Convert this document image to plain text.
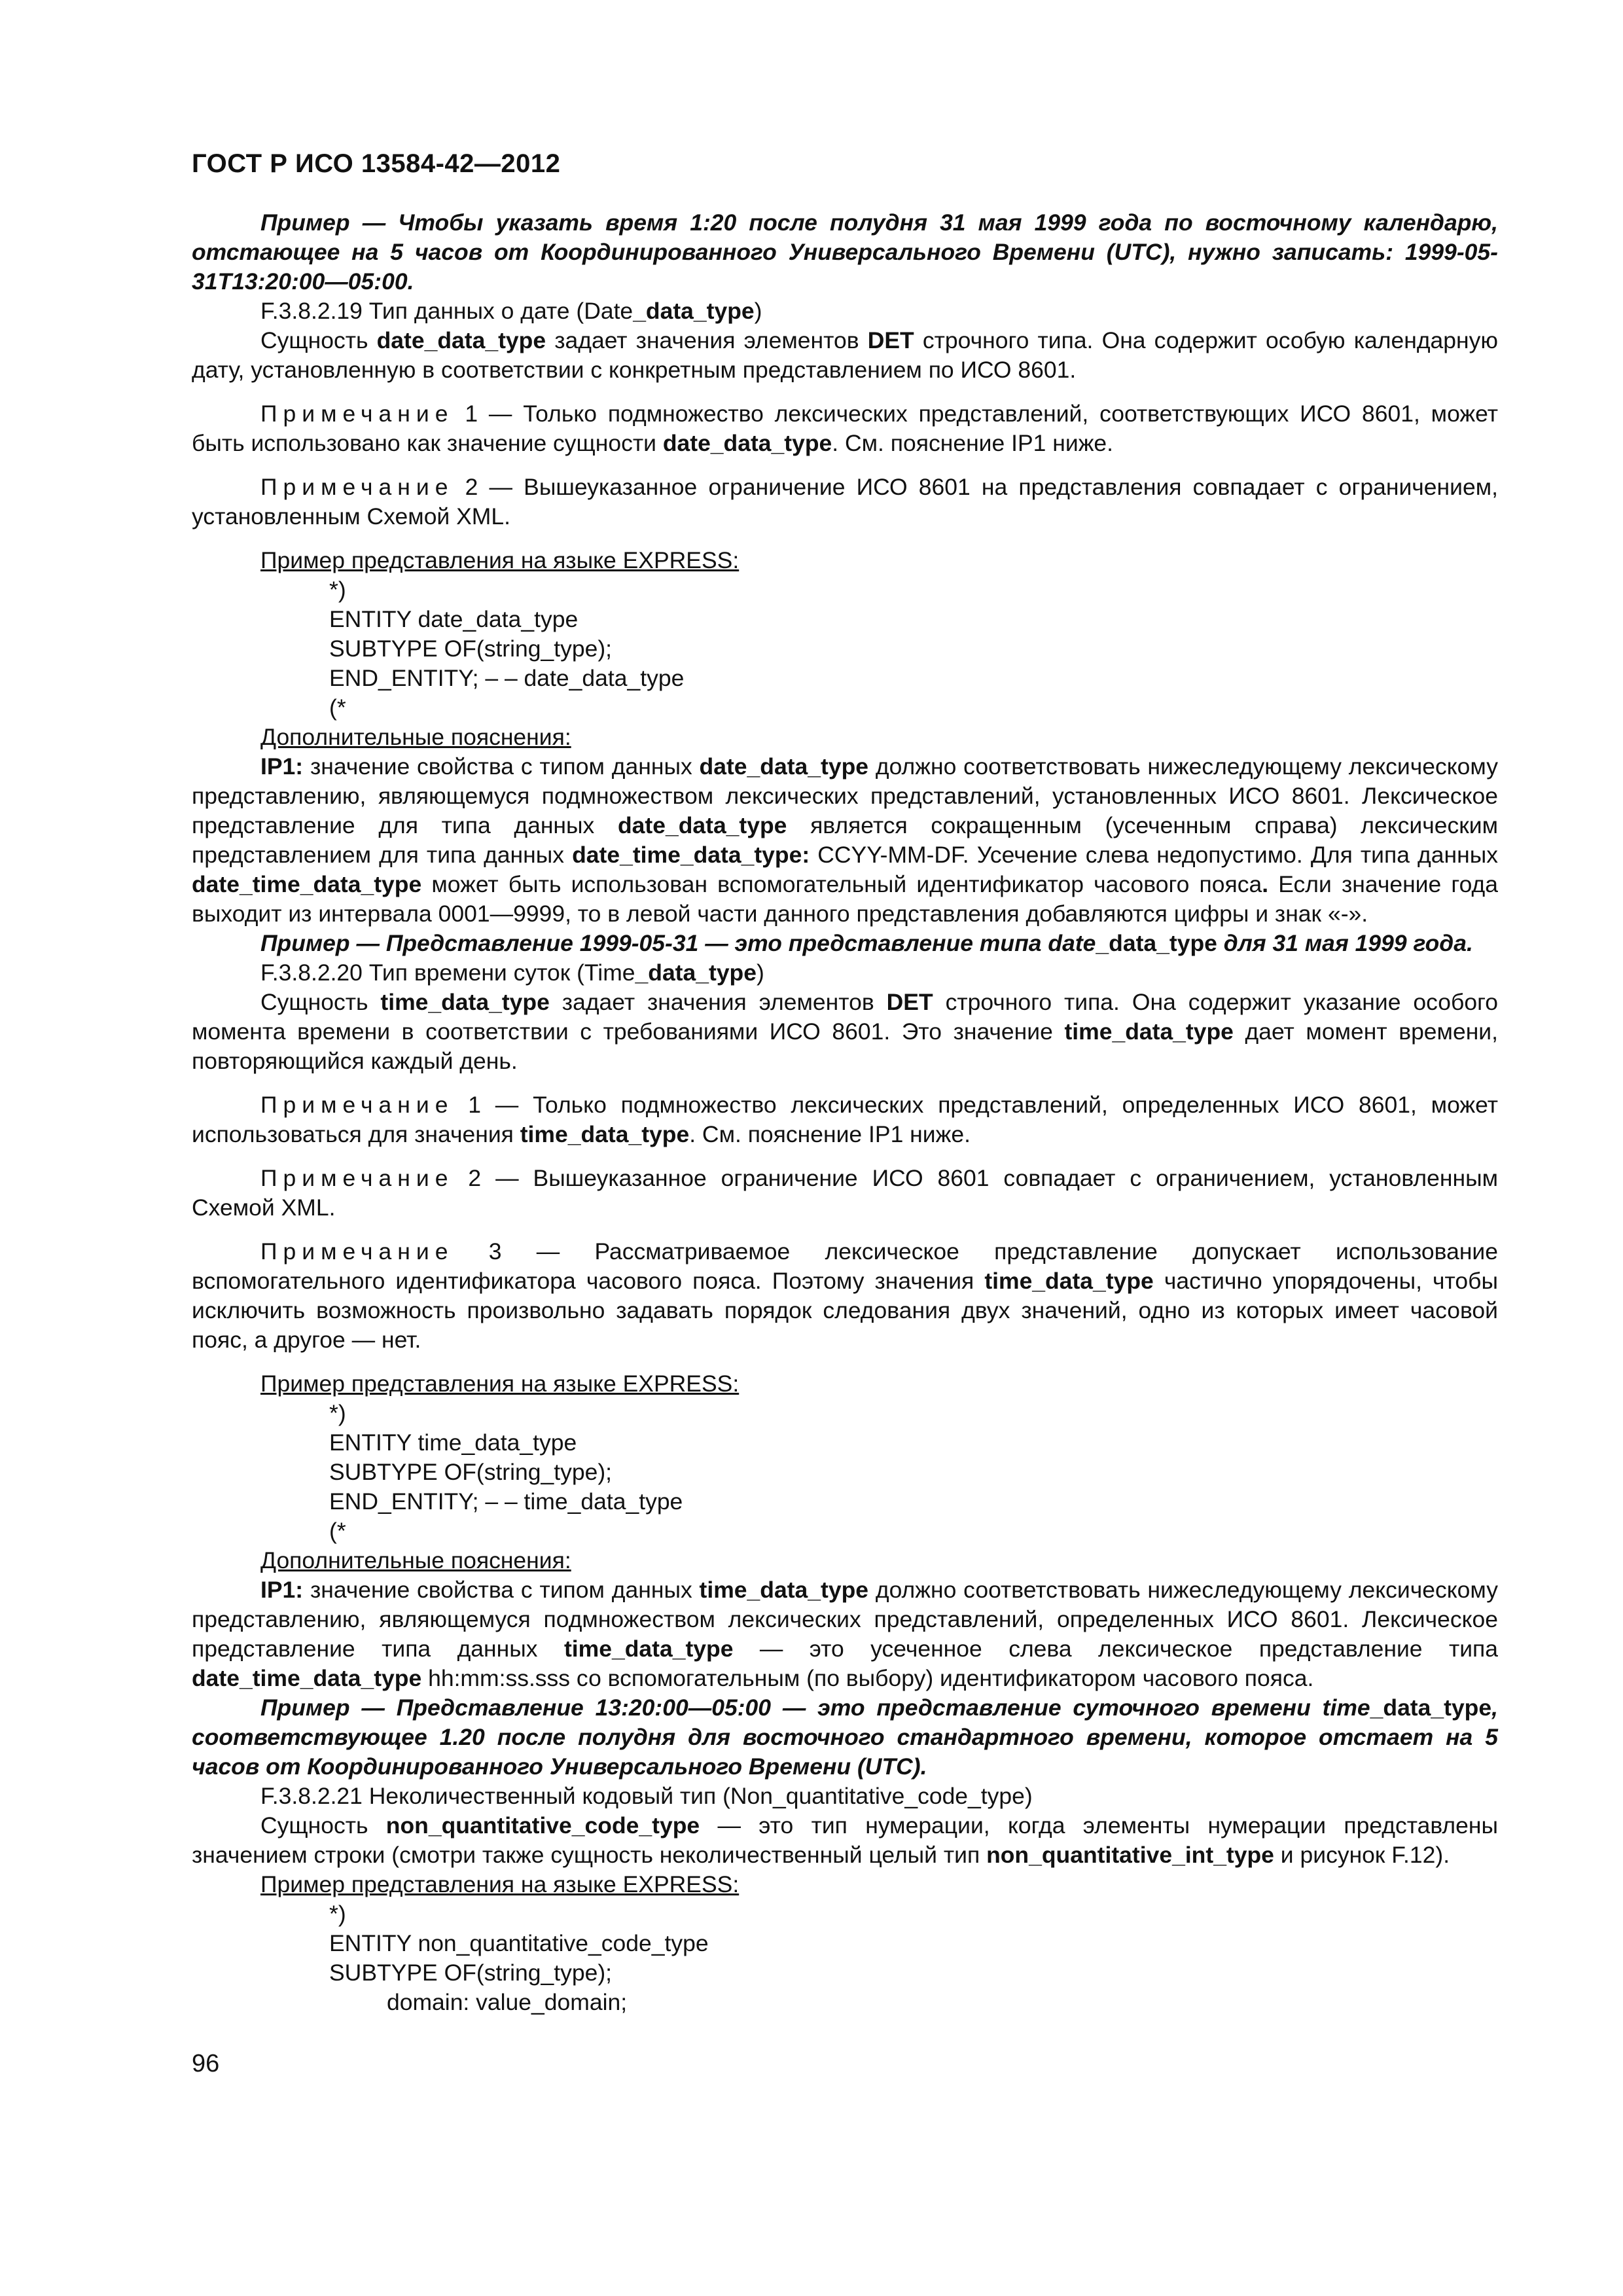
ГОСТ Р ИСО 13584-42—2012

Пример — Чтобы указать время 1:20 после полудня 31 мая 1999 года по восточному календарю, отстающее на 5 часов от Координированного Универсального Времени (UTC), нужно записать: 1999-05-31T13:20:00—05:00.

F.3.8.2.19 Тип данных о дате (Date_data_type)

Сущность date_data_type задает значения элементов DET строчного типа. Она содержит особую календарную дату, установленную в соответствии с конкретным представлением по ИСО 8601.

Примечание 1 — Только подмножество лексических представлений, соответствующих ИСО 8601, может быть использовано как значение сущности date_data_type. См. пояснение IP1 ниже.

Примечание 2 — Вышеуказанное ограничение ИСО 8601 на представления совпадает с ограничением, установленным Схемой XML.

Пример представления на языке EXPRESS:

*)

ENTITY date_data_type

SUBTYPE OF(string_type);

END_ENTITY; – – date_data_type

(*

Дополнительные пояснения:

IP1: значение свойства с типом данных date_data_type должно соответствовать нижеследующему лексическому представлению, являющемуся подмножеством лексических представлений, установленных ИСО 8601. Лексическое представление для типа данных date_data_type является сокращенным (усеченным справа) лексическим представлением для типа данных date_time_data_type: CCYY-MM-DF. Усечение слева недопустимо. Для типа данных date_time_data_type может быть использован вспомогательный идентификатор часового пояса. Если значение года выходит из интервала 0001—9999, то в левой части данного представления добавляются цифры и знак «-».

Пример — Представление 1999-05-31 — это представление типа date_data_type для 31 мая 1999 года.

F.3.8.2.20 Тип времени суток (Time_data_type)

Сущность time_data_type задает значения элементов DET строчного типа. Она содержит указание особого момента времени в соответствии с требованиями ИСО 8601. Это значение time_data_type дает момент времени, повторяющийся каждый день.

Примечание 1 — Только подмножество лексических представлений, определенных ИСО 8601, может использоваться для значения time_data_type. См. пояснение IP1 ниже.

Примечание 2 — Вышеуказанное ограничение ИСО 8601 совпадает с ограничением, установленным Схемой XML.

Примечание 3 — Рассматриваемое лексическое представление допускает использование вспомогательного идентификатора часового пояса. Поэтому значения time_data_type частично упорядочены, чтобы исключить возможность произвольно задавать порядок следования двух значений, одно из которых имеет часовой пояс, а другое — нет.

Пример представления на языке EXPRESS:

*)

ENTITY time_data_type

SUBTYPE OF(string_type);

END_ENTITY; – – time_data_type

(*

Дополнительные пояснения:

IP1: значение свойства с типом данных time_data_type должно соответствовать нижеследующему лексическому представлению, являющемуся подмножеством лексических представлений, определенных ИСО 8601. Лексическое представление типа данных time_data_type — это усеченное слева лексическое представление типа date_time_data_type hh:mm:ss.sss со вспомогательным (по выбору) идентификатором часового пояса.

Пример — Представление 13:20:00—05:00 — это представление суточного времени time_data_type, соответствующее 1.20 после полудня для восточного стандартного времени, которое отстает на 5 часов от Координированного Универсального Времени (UTC).

F.3.8.2.21 Неколичественный кодовый тип (Non_quantitative_code_type)

Сущность non_quantitative_code_type — это тип нумерации, когда элементы нумерации представлены значением строки (смотри также сущность неколичественный целый тип non_quantitative_int_type и рисунок F.12).

Пример представления на языке EXPRESS:

*)

ENTITY non_quantitative_code_type

SUBTYPE OF(string_type);

domain: value_domain;

96
